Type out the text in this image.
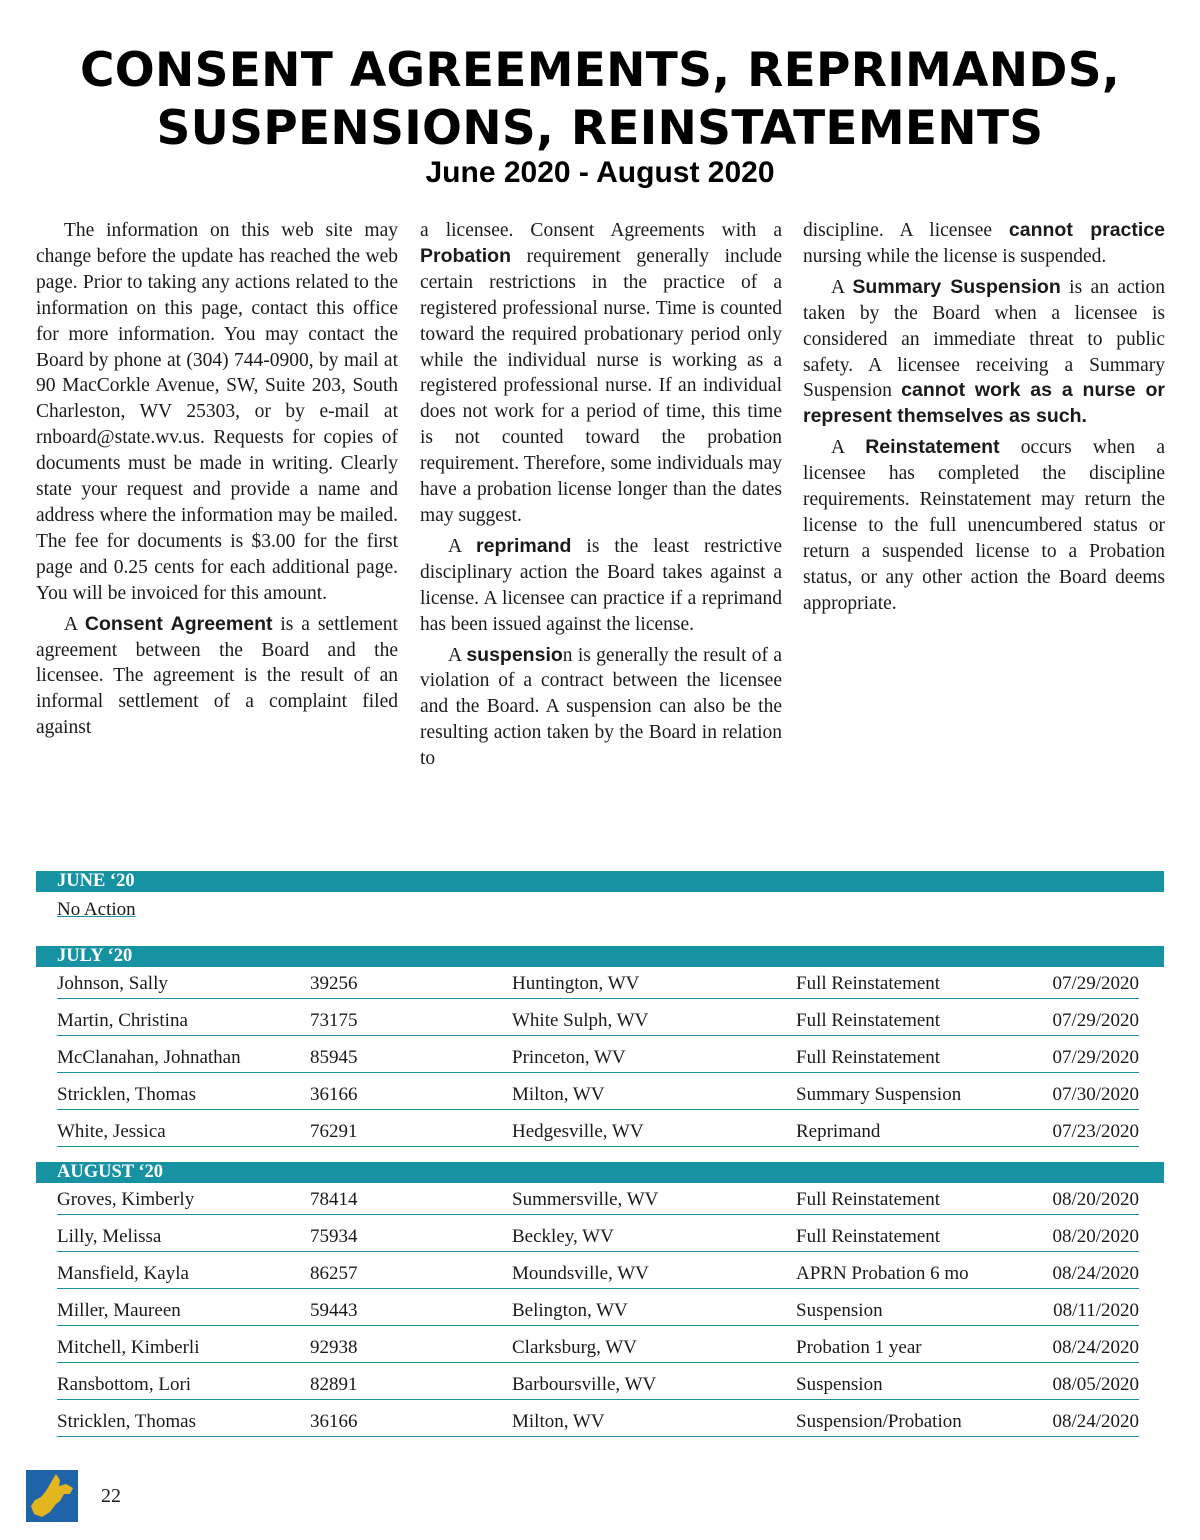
CONSENT AGREEMENTS, REPRIMANDS,
SUSPENSIONS, REINSTATEMENTS
June 2020 - August 2020

The information on this web site may change before the update has reached the web page. Prior to taking any actions related to the information on this page, contact this office for more information. You may contact the Board by phone at (304) 744-0900, by mail at 90 MacCorkle Avenue, SW, Suite 203, South Charleston, WV 25303, or by e-mail at rnboard@state.wv.us. Requests for copies of documents must be made in writing. Clearly state your request and provide a name and address where the information may be mailed. The fee for documents is $3.00 for the first page and 0.25 cents for each additional page. You will be invoiced for this amount.

A Consent Agreement is a settlement agreement between the Board and the licensee. The agreement is the result of an informal settlement of a complaint filed against

a licensee. Consent Agreements with a Probation requirement generally include certain restrictions in the practice of a registered professional nurse. Time is counted toward the required probationary period only while the individual nurse is working as a registered professional nurse. If an individual does not work for a period of time, this time is not counted toward the probation requirement. Therefore, some individuals may have a probation license longer than the dates may suggest.

A reprimand is the least restrictive disciplinary action the Board takes against a license. A licensee can practice if a reprimand has been issued against the license.

A suspension is generally the result of a violation of a contract between the licensee and the Board. A suspension can also be the resulting action taken by the Board in relation to

discipline. A licensee cannot practice nursing while the license is suspended.

A Summary Suspension is an action taken by the Board when a licensee is considered an immediate threat to public safety. A licensee receiving a Summary Suspension cannot work as a nurse or represent themselves as such.

A Reinstatement occurs when a licensee has completed the discipline requirements. Reinstatement may return the license to the full unencumbered status or return a suspended license to a Probation status, or any other action the Board deems appropriate.

JUNE ‘20
No Action
JULY ‘20
Johnson, Sally	39256	Huntington, WV	Full Reinstatement	07/29/2020
Martin, Christina	73175	White Sulph, WV	Full Reinstatement	07/29/2020
McClanahan, Johnathan	85945	Princeton, WV	Full Reinstatement	07/29/2020
Stricklen, Thomas	36166	Milton, WV	Summary Suspension	07/30/2020
White, Jessica	76291	Hedgesville, WV	Reprimand	07/23/2020
AUGUST ‘20
Groves, Kimberly	78414	Summersville, WV	Full Reinstatement	08/20/2020
Lilly, Melissa	75934	Beckley, WV	Full Reinstatement	08/20/2020
Mansfield, Kayla	86257	Moundsville, WV	APRN Probation 6 mo	08/24/2020
Miller, Maureen	59443	Belington, WV	Suspension	08/11/2020
Mitchell, Kimberli	92938	Clarksburg, WV	Probation 1 year	08/24/2020
Ransbottom, Lori	82891	Barboursville, WV	Suspension	08/05/2020
Stricklen, Thomas	36166	Milton, WV	Suspension/Probation	08/24/2020
22
